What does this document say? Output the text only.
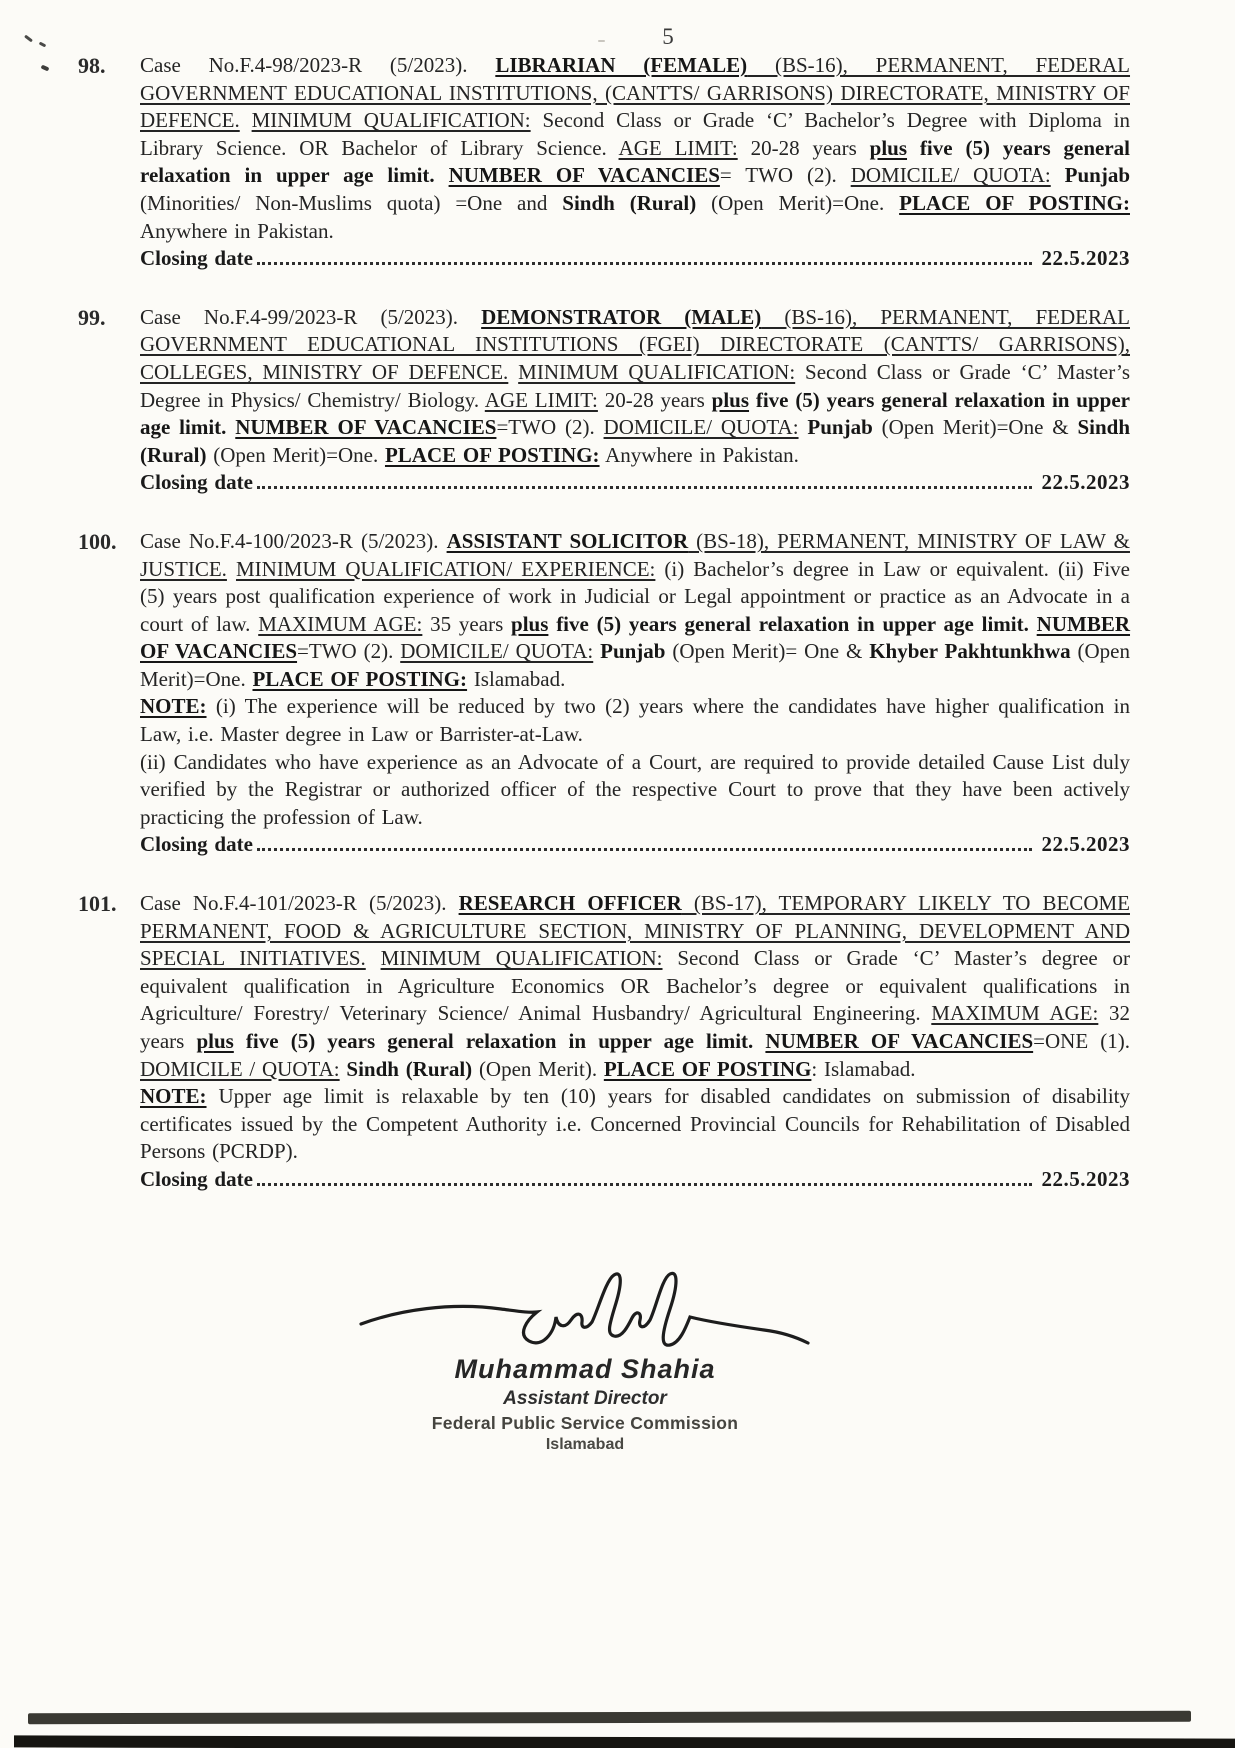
5
98.	Case No.F.4-98/2023-R (5/2023). LIBRARIAN (FEMALE) (BS-16), PERMANENT, FEDERAL GOVERNMENT EDUCATIONAL INSTITUTIONS, (CANTTS/ GARRISONS) DIRECTORATE, MINISTRY OF DEFENCE. MINIMUM QUALIFICATION: Second Class or Grade ‘C’ Bachelor’s Degree with Diploma in Library Science. OR Bachelor of Library Science. AGE LIMIT: 20-28 years plus five (5) years general relaxation in upper age limit. NUMBER OF VACANCIES= TWO (2). DOMICILE/ QUOTA: Punjab (Minorities/ Non-Muslims quota) =One and Sindh (Rural) (Open Merit)=One. PLACE OF POSTING: Anywhere in Pakistan.

Closing date	22.5.2023
99.	Case No.F.4-99/2023-R (5/2023). DEMONSTRATOR (MALE) (BS-16), PERMANENT, FEDERAL GOVERNMENT EDUCATIONAL INSTITUTIONS (FGEI) DIRECTORATE (CANTTS/ GARRISONS), COLLEGES, MINISTRY OF DEFENCE. MINIMUM QUALIFICATION: Second Class or Grade ‘C’ Master’s Degree in Physics/ Chemistry/ Biology. AGE LIMIT: 20-28 years plus five (5) years general relaxation in upper age limit. NUMBER OF VACANCIES=TWO (2). DOMICILE/ QUOTA: Punjab (Open Merit)=One & Sindh (Rural) (Open Merit)=One. PLACE OF POSTING: Anywhere in Pakistan.

Closing date	22.5.2023
100.	Case No.F.4-100/2023-R (5/2023). ASSISTANT SOLICITOR (BS-18), PERMANENT, MINISTRY OF LAW & JUSTICE. MINIMUM QUALIFICATION/ EXPERIENCE: (i) Bachelor’s degree in Law or equivalent. (ii) Five (5) years post qualification experience of work in Judicial or Legal appointment or practice as an Advocate in a court of law. MAXIMUM AGE: 35 years plus five (5) years general relaxation in upper age limit. NUMBER OF VACANCIES=TWO (2). DOMICILE/ QUOTA: Punjab (Open Merit)= One & Khyber Pakhtunkhwa (Open Merit)=One. PLACE OF POSTING: Islamabad.

NOTE: (i) The experience will be reduced by two (2) years where the candidates have higher qualification in Law, i.e. Master degree in Law or Barrister-at-Law.

(ii) Candidates who have experience as an Advocate of a Court, are required to provide detailed Cause List duly verified by the Registrar or authorized officer of the respective Court to prove that they have been actively practicing the profession of Law.

Closing date	22.5.2023
101.	Case No.F.4-101/2023-R (5/2023). RESEARCH OFFICER (BS-17), TEMPORARY LIKELY TO BECOME PERMANENT, FOOD & AGRICULTURE SECTION, MINISTRY OF PLANNING, DEVELOPMENT AND SPECIAL INITIATIVES. MINIMUM QUALIFICATION: Second Class or Grade ‘C’ Master’s degree or equivalent qualification in Agriculture Economics OR Bachelor’s degree or equivalent qualifications in Agriculture/ Forestry/ Veterinary Science/ Animal Husbandry/ Agricultural Engineering. MAXIMUM AGE: 32 years plus five (5) years general relaxation in upper age limit. NUMBER OF VACANCIES=ONE (1). DOMICILE / QUOTA: Sindh (Rural) (Open Merit). PLACE OF POSTING: Islamabad.

NOTE: Upper age limit is relaxable by ten (10) years for disabled candidates on submission of disability certificates issued by the Competent Authority i.e. Concerned Provincial Councils for Rehabilitation of Disabled Persons (PCRDP).

Closing date	22.5.2023
Muhammad Shahia
Assistant Director
Federal Public Service Commission
Islamabad
